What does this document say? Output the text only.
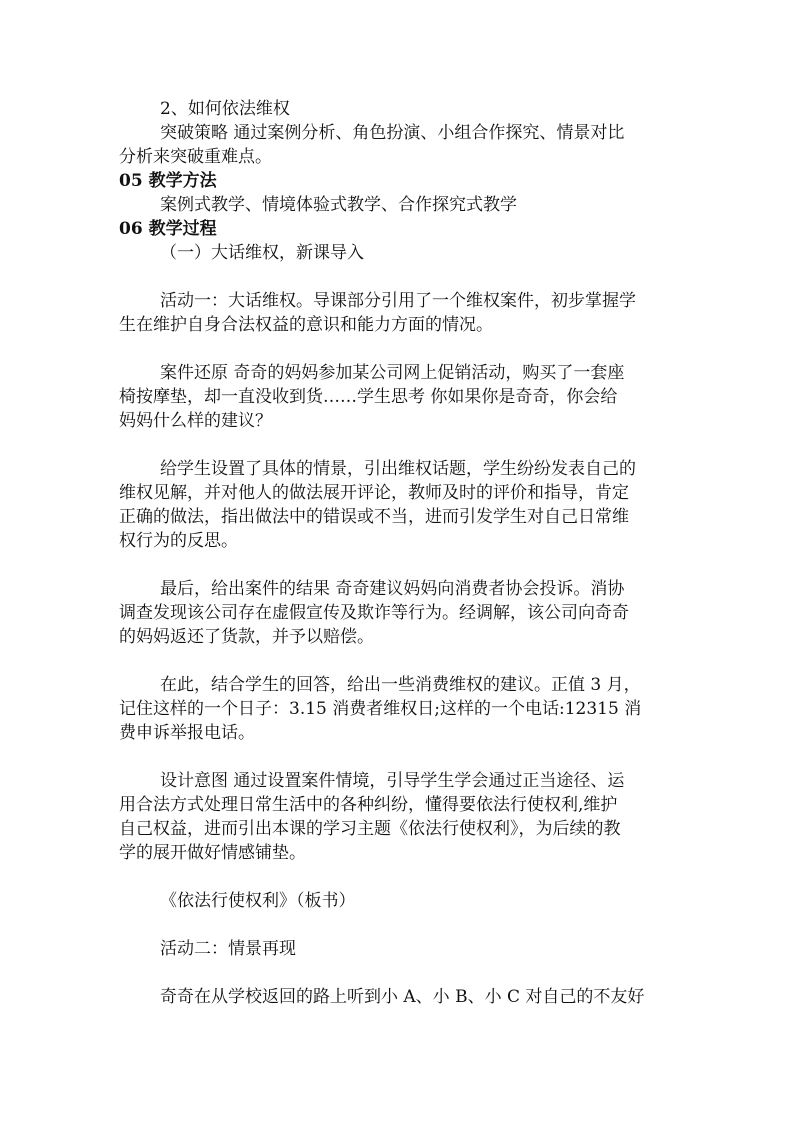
2、如何依法维权
突破策略 通过案例分析、角色扮演、小组合作探究、情景对比
分析来突破重难点。
05 教学方法
案例式教学、情境体验式教学、合作探究式教学
06 教学过程
（一）大话维权，新课导入
活动一：大话维权。导课部分引用了一个维权案件，初步掌握学
生在维护自身合法权益的意识和能力方面的情况。
案件还原 奇奇的妈妈参加某公司网上促销活动，购买了一套座
椅按摩垫，却一直没收到货……学生思考 你如果你是奇奇，你会给
妈妈什么样的建议？
给学生设置了具体的情景，引出维权话题，学生纷纷发表自己的
维权见解，并对他人的做法展开评论，教师及时的评价和指导，肯定
正确的做法，指出做法中的错误或不当，进而引发学生对自己日常维
权行为的反思。
最后，给出案件的结果 奇奇建议妈妈向消费者协会投诉。消协
调查发现该公司存在虚假宣传及欺诈等行为。经调解，该公司向奇奇
的妈妈返还了货款，并予以赔偿。
在此，结合学生的回答，给出一些消费维权的建议。正值 3 月，
记住这样的一个日子：3.15 消费者维权日;这样的一个电话:12315 消
费申诉举报电话。
设计意图 通过设置案件情境，引导学生学会通过正当途径、运
用合法方式处理日常生活中的各种纠纷，懂得要依法行使权利,维护
自己权益，进而引出本课的学习主题《依法行使权利》，为后续的教
学的展开做好情感铺垫。
《依法行使权利》（板书）
活动二：情景再现
奇奇在从学校返回的路上听到小 A、小 B、小 C 对自己的不友好
